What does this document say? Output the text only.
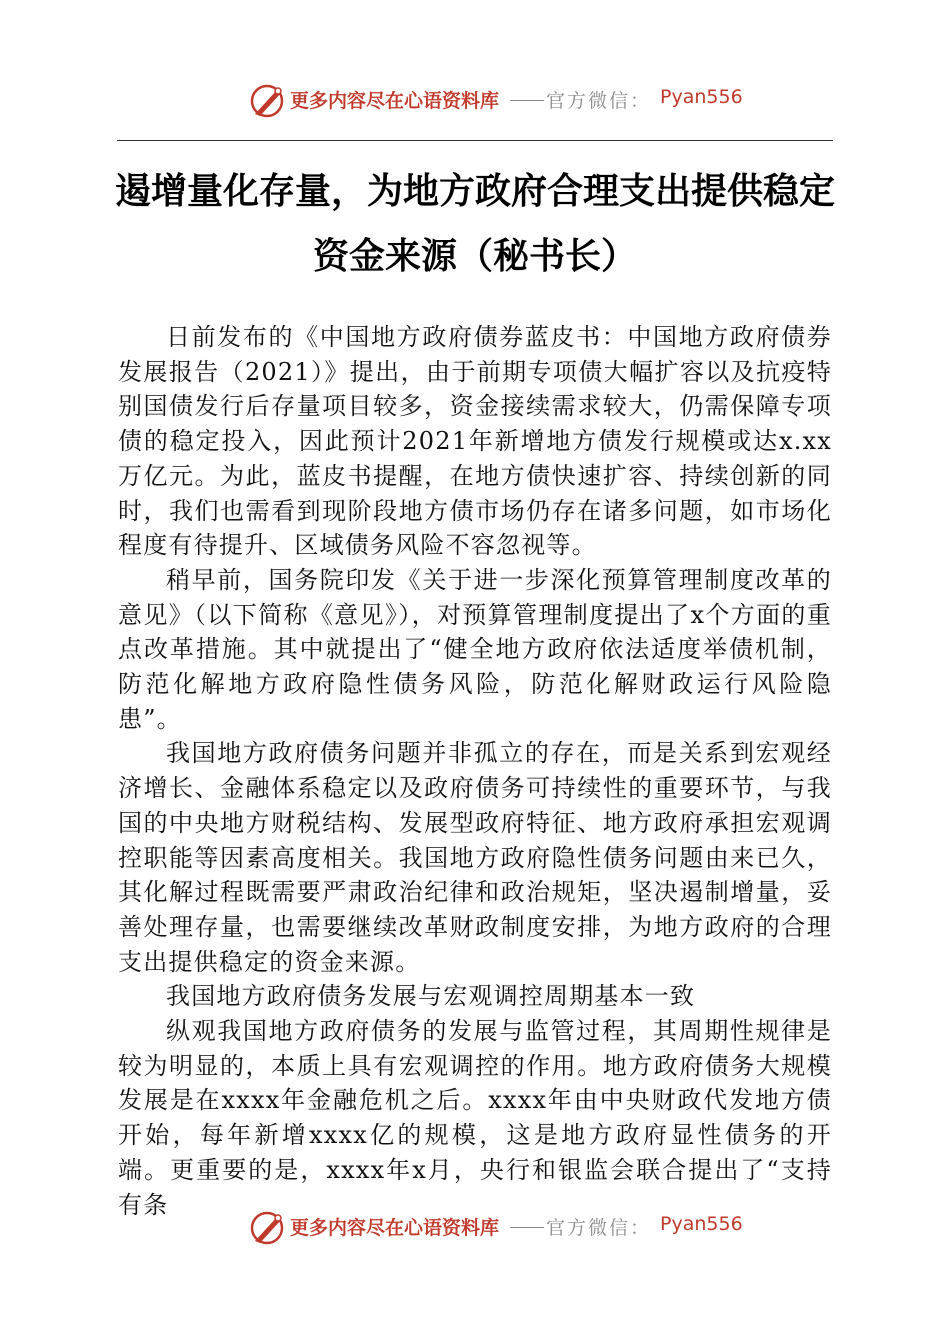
更多内容尽在心语资料库 官方微信： Pyan556
遏增量化存量，为地方政府合理支出提供稳定
资金来源（秘书长）

日前发布的《中国地方政府债券蓝皮书：中国地方政府债券发展报告（2021）》提出，由于前期专项债大幅扩容以及抗疫特别国债发行后存量项目较多，资金接续需求较大，仍需保障专项债的稳定投入，因此预计2021年新增地方债发行规模或达x.xx万亿元。为此，蓝皮书提醒，在地方债快速扩容、持续创新的同时，我们也需看到现阶段地方债市场仍存在诸多问题，如市场化程度有待提升、区域债务风险不容忽视等。

稍早前，国务院印发《关于进一步深化预算管理制度改革的意见》（以下简称《意见》），对预算管理制度提出了x个方面的重点改革措施。其中就提出了“健全地方政府依法适度举债机制，防范化解地方政府隐性债务风险，防范化解财政运行风险隐患”。

我国地方政府债务问题并非孤立的存在，而是关系到宏观经济增长、金融体系稳定以及政府债务可持续性的重要环节，与我国的中央地方财税结构、发展型政府特征、地方政府承担宏观调控职能等因素高度相关。我国地方政府隐性债务问题由来已久，其化解过程既需要严肃政治纪律和政治规矩，坚决遏制增量，妥善处理存量，也需要继续改革财政制度安排，为地方政府的合理支出提供稳定的资金来源。

我国地方政府债务发展与宏观调控周期基本一致

纵观我国地方政府债务的发展与监管过程，其周期性规律是较为明显的，本质上具有宏观调控的作用。地方政府债务大规模发展是在xxxx年金融危机之后。xxxx年由中央财政代发地方债开始，每年新增xxxx亿的规模，这是地方政府显性债务的开端。更重要的是，xxxx年x月，央行和银监会联合提出了“支持有条

更多内容尽在心语资料库 官方微信： Pyan556
